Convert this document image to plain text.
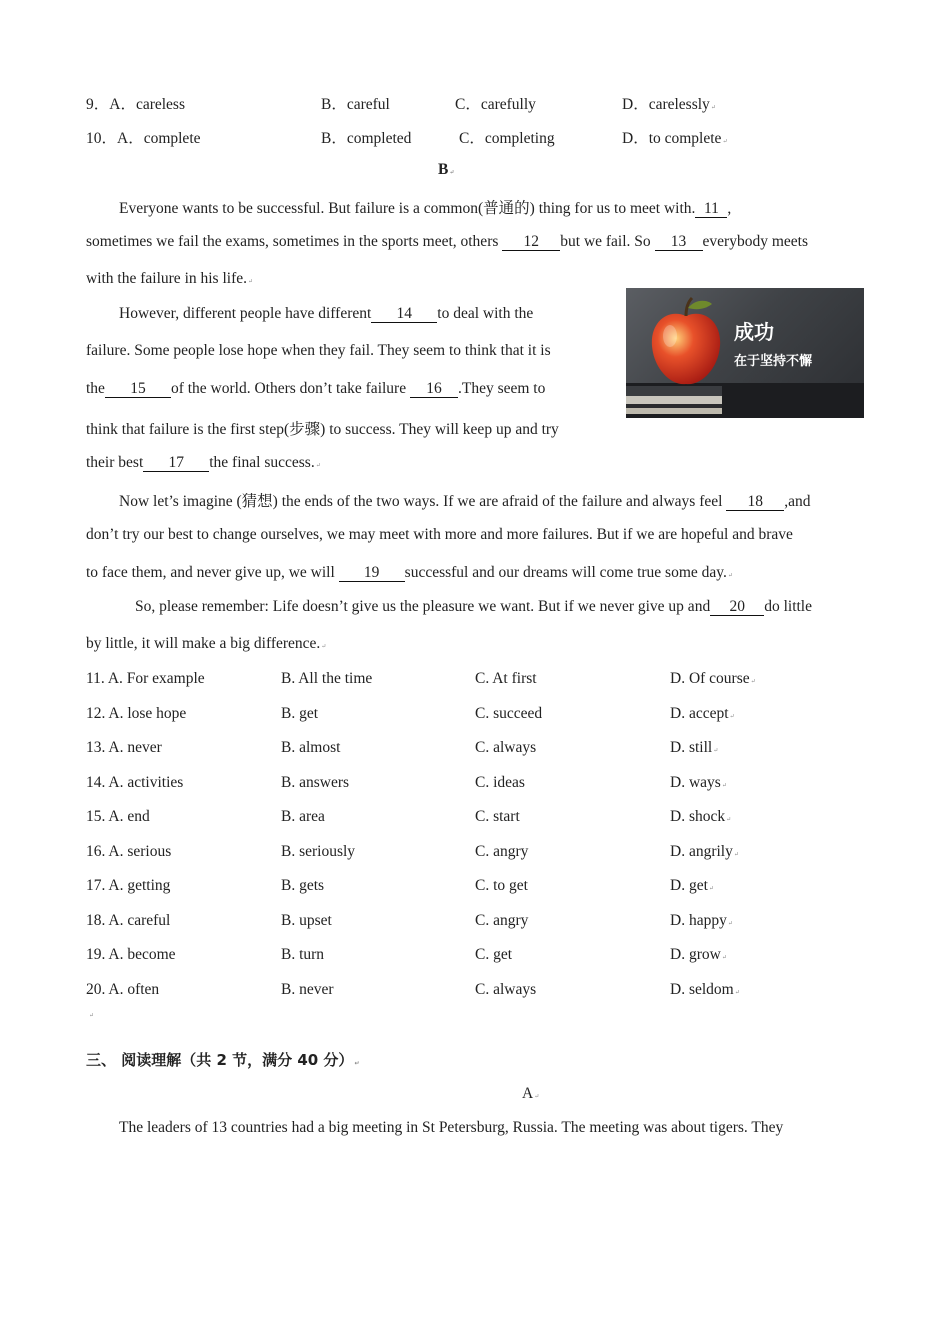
9．A．careless	B．careful	C．carefully	D．carelessly↵
10．A．complete	B．completed	C．completing	D．to complete↵
B↵
Everyone wants to be successful. But failure is a common(普通的) thing for us to meet with. 11 ,
sometimes we fail the exams, sometimes in the sports meet, others 12 but we fail. So 13 everybody meets
with the failure in his life.↵
However, different people have different 14 to deal with the
failure. Some people lose hope when they fail. They seem to think that it is
the 15 of the world. Others don’t take failure 16 .They seem to
think that failure is the first step(步骤) to success. They will keep up and try
their best 17 the final success.↵
成功
在于坚持不懈
Now let’s imagine (猜想) the ends of the two ways. If we are afraid of the failure and always feel 18 ,and
don’t try our best to change ourselves, we may meet with more and more failures. But if we are hopeful and brave
to face them, and never give up, we will 19 successful and our dreams will come true some day.↵
So, please remember: Life doesn’t give us the pleasure we want. But if we never give up and 20 do little
by little, it will make a big difference.↵
11. A. For example	B. All the time	C. At first	D. Of course↵
12. A. lose hope	B. get	C. succeed	D. accept↵
13. A. never	B. almost	C. always	D. still↵
14. A. activities	B. answers	C. ideas	D. ways↵
15. A. end	B. area	C. start	D. shock↵
16. A. serious	B. seriously	C. angry	D. angrily↵
17. A. getting	B. gets	C. to get	D. get↵
18. A. careful	B. upset	C. angry	D. happy↵
19. A. become	B. turn	C. get	D. grow↵
20. A. often	B. never	C. always	D. seldom↵
↵
三、 阅读理解（共 2 节，满分 40 分）↵
A↵
The leaders of 13 countries had a big meeting in St Petersburg, Russia. The meeting was about tigers. They
